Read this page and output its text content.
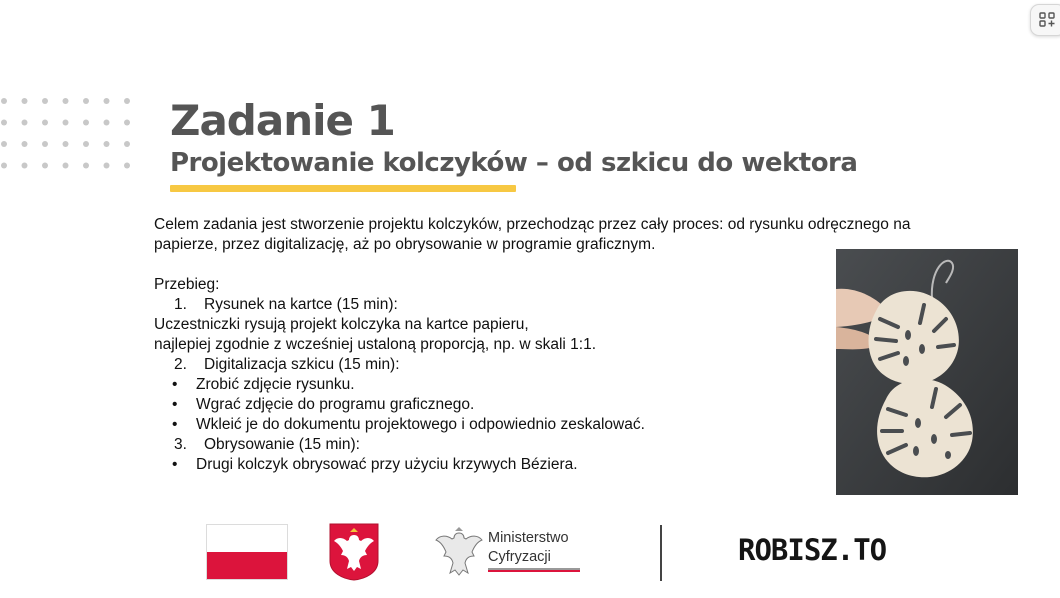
Zadanie 1
Projektowanie kolczyków – od szkicu do wektora

Celem zadania jest stworzenie projektu kolczyków, przechodząc przez cały proces: od rysunku odręcznego na

papierze, przez digitalizację, aż po obrysowanie w programie graficznym.

Przebieg:

1. Rysunek na kartce (15 min):

Uczestniczki rysują projekt kolczyka na kartce papieru,

najlepiej zgodnie z wcześniej ustaloną proporcją, np. w skali 1:1.

2. Digitalizacja szkicu (15 min):

• Zrobić zdjęcie rysunku.

• Wgrać zdjęcie do programu graficznego.

• Wkleić je do dokumentu projektowego i odpowiednio zeskalować.

3. Obrysowanie (15 min):

• Drugi kolczyk obrysować przy użyciu krzywych Béziera.

Ministerstwo
Cyfryzacji	ROBISZ.TO
